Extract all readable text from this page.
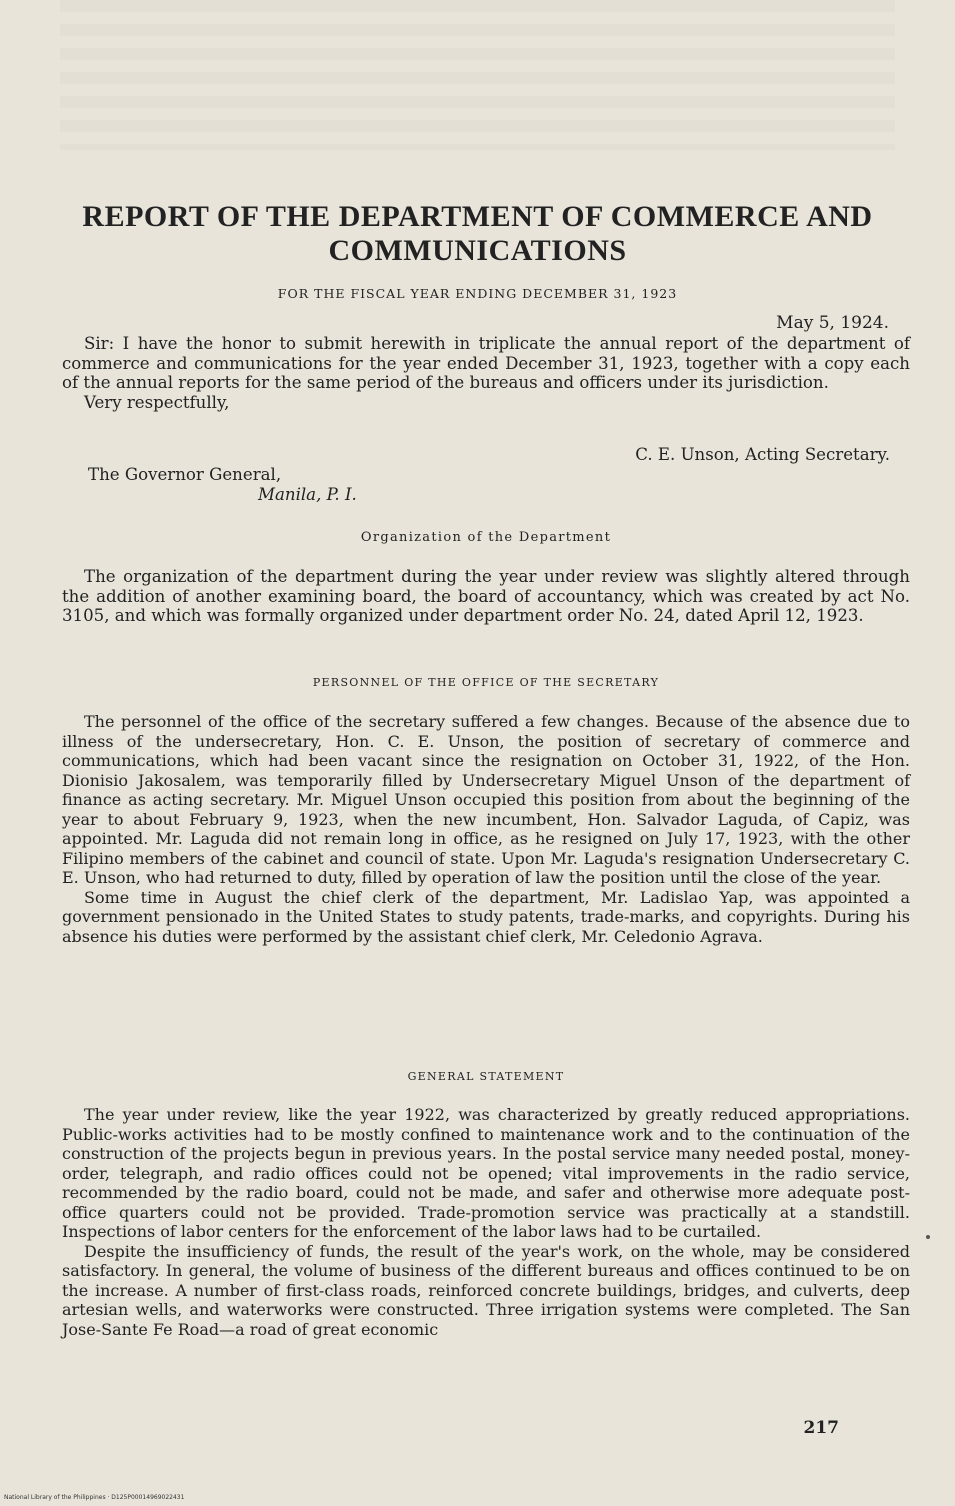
REPORT OF THE DEPARTMENT OF COMMERCE AND
COMMUNICATIONS
FOR THE FISCAL YEAR ENDING DECEMBER 31, 1923
May 5, 1924.

Sir: I have the honor to submit herewith in triplicate the annual report of the department of commerce and communications for the year ended December 31, 1923, together with a copy each of the annual reports for the same period of the bureaus and officers under its jurisdiction.

Very respectfully,

C. E. Unson, Acting Secretary.
The Governor General,
Manila, P. I.
Organization of the Department

The organization of the department during the year under review was slightly altered through the addition of another examining board, the board of accountancy, which was created by act No. 3105, and which was formally organized under department order No. 24, dated April 12, 1923.

PERSONNEL OF THE OFFICE OF THE SECRETARY

The personnel of the office of the secretary suffered a few changes. Because of the absence due to illness of the undersecretary, Hon. C. E. Unson, the position of secretary of commerce and communications, which had been vacant since the resignation on October 31, 1922, of the Hon. Dionisio Jakosalem, was temporarily filled by Undersecretary Miguel Unson of the department of finance as acting secretary. Mr. Miguel Unson occupied this position from about the beginning of the year to about February 9, 1923, when the new incumbent, Hon. Salvador Laguda, of Capiz, was appointed. Mr. Laguda did not remain long in office, as he resigned on July 17, 1923, with the other Filipino members of the cabinet and council of state. Upon Mr. Laguda's resignation Undersecretary C. E. Unson, who had returned to duty, filled by operation of law the position until the close of the year.

Some time in August the chief clerk of the department, Mr. Ladislao Yap, was appointed a government pensionado in the United States to study patents, trade-marks, and copyrights. During his absence his duties were performed by the assistant chief clerk, Mr. Celedonio Agrava.

GENERAL STATEMENT

The year under review, like the year 1922, was characterized by greatly reduced appropriations. Public-works activities had to be mostly confined to maintenance work and to the continuation of the construction of the projects begun in previous years. In the postal service many needed postal, money-order, telegraph, and radio offices could not be opened; vital improvements in the radio service, recommended by the radio board, could not be made, and safer and otherwise more adequate post-office quarters could not be provided. Trade-promotion service was practically at a standstill. Inspections of labor centers for the enforcement of the labor laws had to be curtailed.

Despite the insufficiency of funds, the result of the year's work, on the whole, may be considered satisfactory. In general, the volume of business of the different bureaus and offices continued to be on the increase. A number of first-class roads, reinforced concrete buildings, bridges, and culverts, deep artesian wells, and waterworks were constructed. Three irrigation systems were completed. The San Jose-Sante Fe Road—a road of great economic

217
National Library of the Philippines · D125P00014969022431
